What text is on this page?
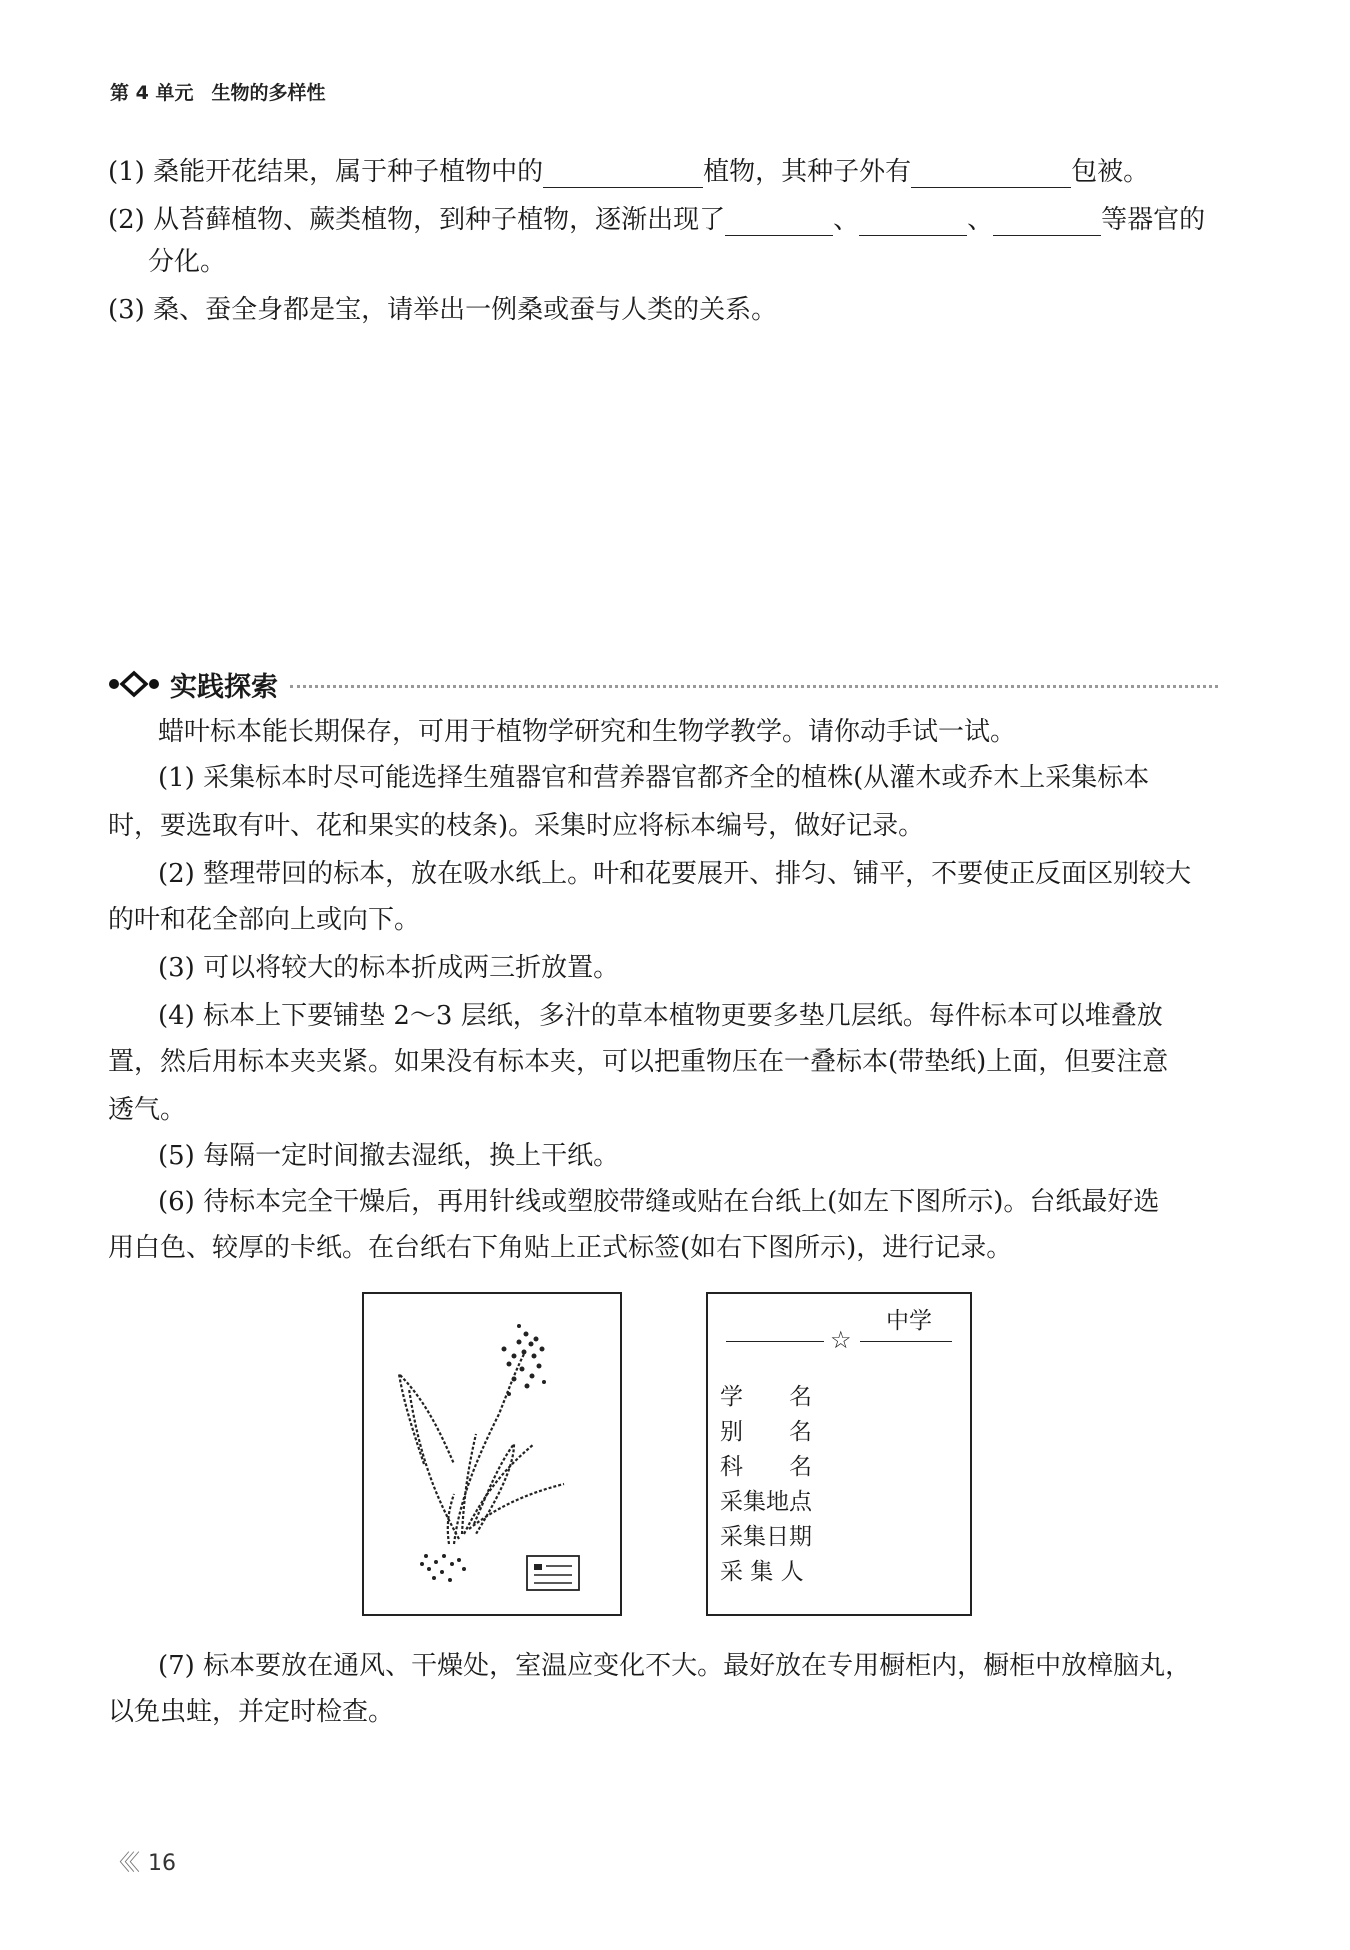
第 4 单元 生物的多样性
(1) 桑能开花结果，属于种子植物中的	植物，其种子外有	包被。
(2) 从苔藓植物、蕨类植物，到种子植物，逐渐出现了	、	、	等器官的
分化。
(3) 桑、蚕全身都是宝，请举出一例桑或蚕与人类的关系。
实践探索
蜡叶标本能长期保存，可用于植物学研究和生物学教学。请你动手试一试。
(1) 采集标本时尽可能选择生殖器官和营养器官都齐全的植株(从灌木或乔木上采集标本
时，要选取有叶、花和果实的枝条)。采集时应将标本编号，做好记录。
(2) 整理带回的标本，放在吸水纸上。叶和花要展开、排匀、铺平，不要使正反面区别较大
的叶和花全部向上或向下。
(3) 可以将较大的标本折成两三折放置。
(4) 标本上下要铺垫 2～3 层纸，多汁的草本植物更要多垫几层纸。每件标本可以堆叠放
置，然后用标本夹夹紧。如果没有标本夹，可以把重物压在一叠标本(带垫纸)上面，但要注意
透气。
(5) 每隔一定时间撤去湿纸，换上干纸。
(6) 待标本完全干燥后，再用针线或塑胶带缝或贴在台纸上(如左下图所示)。台纸最好选
用白色、较厚的卡纸。在台纸右下角贴上正式标签(如右下图所示)，进行记录。
(7) 标本要放在通风、干燥处，室温应变化不大。最好放在专用橱柜内，橱柜中放樟脑丸，
以免虫蛀，并定时检查。
中学
☆
学　　名
别　　名
科　　名
采集地点
采集日期
采 集 人
〈〈〈 16
